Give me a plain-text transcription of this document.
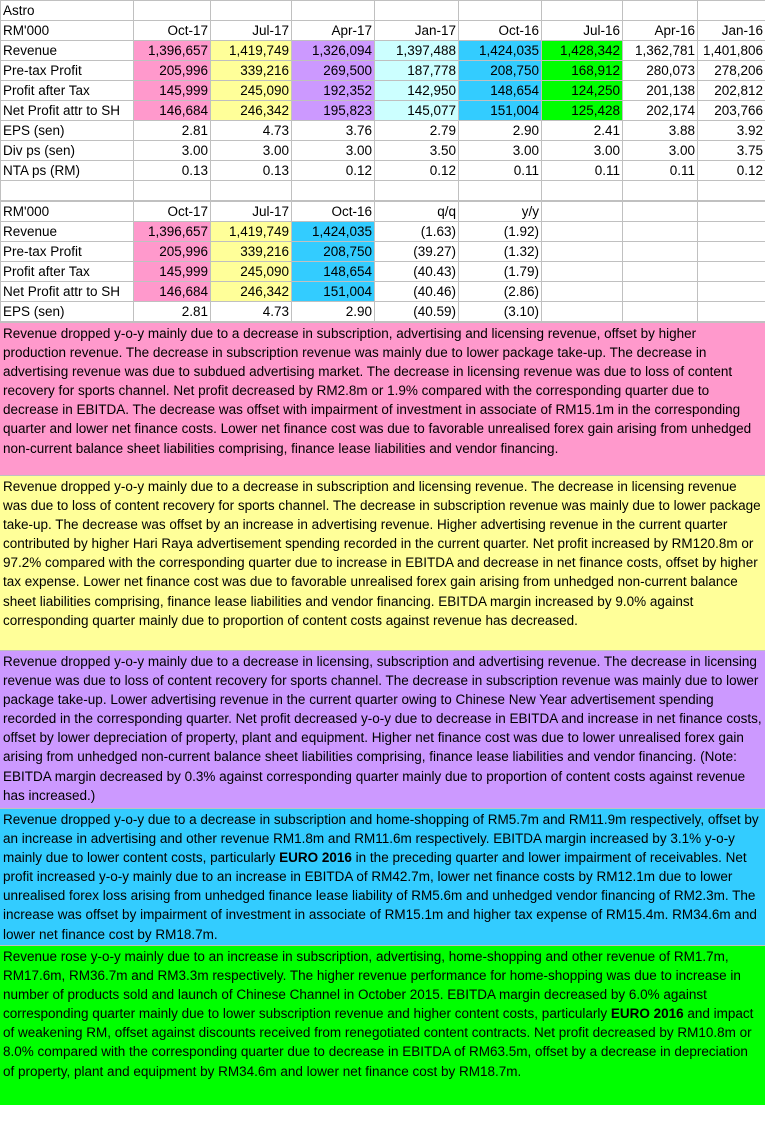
Astro								
RM'000	Oct-17	Jul-17	Apr-17	Jan-17	Oct-16	Jul-16	Apr-16	Jan-16
Revenue	1,396,657	1,419,749	1,326,094	1,397,488	1,424,035	1,428,342	1,362,781	1,401,806
Pre-tax Profit	205,996	339,216	269,500	187,778	208,750	168,912	280,073	278,206
Profit after Tax	145,999	245,090	192,352	142,950	148,654	124,250	201,138	202,812
Net Profit attr to SH	146,684	246,342	195,823	145,077	151,004	125,428	202,174	203,766
EPS (sen)	2.81	4.73	3.76	2.79	2.90	2.41	3.88	3.92
Div ps (sen)	3.00	3.00	3.00	3.50	3.00	3.00	3.00	3.75
NTA ps (RM)	0.13	0.13	0.12	0.12	0.11	0.11	0.11	0.12

RM'000	Oct-17	Jul-17	Oct-16	q/q	y/y			
Revenue	1,396,657	1,419,749	1,424,035	(1.63)	(1.92)			
Pre-tax Profit	205,996	339,216	208,750	(39.27)	(1.32)			
Profit after Tax	145,999	245,090	148,654	(40.43)	(1.79)			
Net Profit attr to SH	146,684	246,342	151,004	(40.46)	(2.86)			
EPS (sen)	2.81	4.73	2.90	(40.59)	(3.10)			
Revenue dropped y-o-y mainly due to a decrease in subscription, advertising and licensing revenue, offset by higher production revenue. The decrease in subscription revenue was mainly due to lower package take-up. The decrease in advertising revenue was due to subdued advertising market. The decrease in licensing revenue was due to loss of content recovery for sports channel. Net profit decreased by RM2.8m or 1.9% compared with the corresponding quarter due to decrease in EBITDA. The decrease was offset with impairment of investment in associate of RM15.1m in the corresponding quarter and lower net finance costs. Lower net finance cost was due to favorable unrealised forex gain arising from unhedged non-current balance sheet liabilities comprising, finance lease liabilities and vendor financing.
Revenue dropped y-o-y mainly due to a decrease in subscription and licensing revenue. The decrease in licensing revenue was due to loss of content recovery for sports channel. The decrease in subscription revenue was mainly due to lower package take-up. The decrease was offset by an increase in advertising revenue. Higher advertising revenue in the current quarter contributed by higher Hari Raya advertisement spending recorded in the current quarter. Net profit increased by RM120.8m or 97.2% compared with the corresponding quarter due to increase in EBITDA and decrease in net finance costs, offset by higher tax expense. Lower net finance cost was due to favorable unrealised forex gain arising from unhedged non-current balance sheet liabilities comprising, finance lease liabilities and vendor financing. EBITDA margin increased by 9.0% against corresponding quarter mainly due to proportion of content costs against revenue has decreased.
Revenue dropped y-o-y mainly due to a decrease in licensing, subscription and advertising revenue. The decrease in licensing revenue was due to loss of content recovery for sports channel. The decrease in subscription revenue was mainly due to lower package take-up. Lower advertising revenue in the current quarter owing to Chinese New Year advertisement spending recorded in the corresponding quarter. Net profit decreased y-o-y due to decrease in EBITDA and increase in net finance costs, offset by lower depreciation of property, plant and equipment. Higher net finance cost was due to lower unrealised forex gain arising from unhedged non-current balance sheet liabilities comprising, finance lease liabilities and vendor financing. (Note: EBITDA margin decreased by 0.3% against corresponding quarter mainly due to proportion of content costs against revenue has increased.)
Revenue dropped y-o-y due to a decrease in subscription and home-shopping of RM5.7m and RM11.9m respectively, offset by an increase in advertising and other revenue RM1.8m and RM11.6m respectively. EBITDA margin increased by 3.1% y-o-y mainly due to lower content costs, particularly EURO 2016 in the preceding quarter and lower impairment of receivables. Net profit increased y-o-y mainly due to an increase in EBITDA of RM42.7m, lower net finance costs by RM12.1m due to lower unrealised forex loss arising from unhedged finance lease liability of RM5.6m and unhedged vendor financing of RM2.3m. The increase was offset by impairment of investment in associate of RM15.1m and higher tax expense of RM15.4m. RM34.6m and lower net finance cost by RM18.7m.
Revenue rose y-o-y mainly due to an increase in subscription, advertising, home-shopping and other revenue of RM1.7m, RM17.6m, RM36.7m and RM3.3m respectively. The higher revenue performance for home-shopping was due to increase in number of products sold and launch of Chinese Channel in October 2015. EBITDA margin decreased by 6.0% against corresponding quarter mainly due to lower subscription revenue and higher content costs, particularly EURO 2016 and impact of weakening RM, offset against discounts received from renegotiated content contracts. Net profit decreased by RM10.8m or 8.0% compared with the corresponding quarter due to decrease in EBITDA of RM63.5m, offset by a decrease in depreciation of property, plant and equipment by RM34.6m and lower net finance cost by RM18.7m.
